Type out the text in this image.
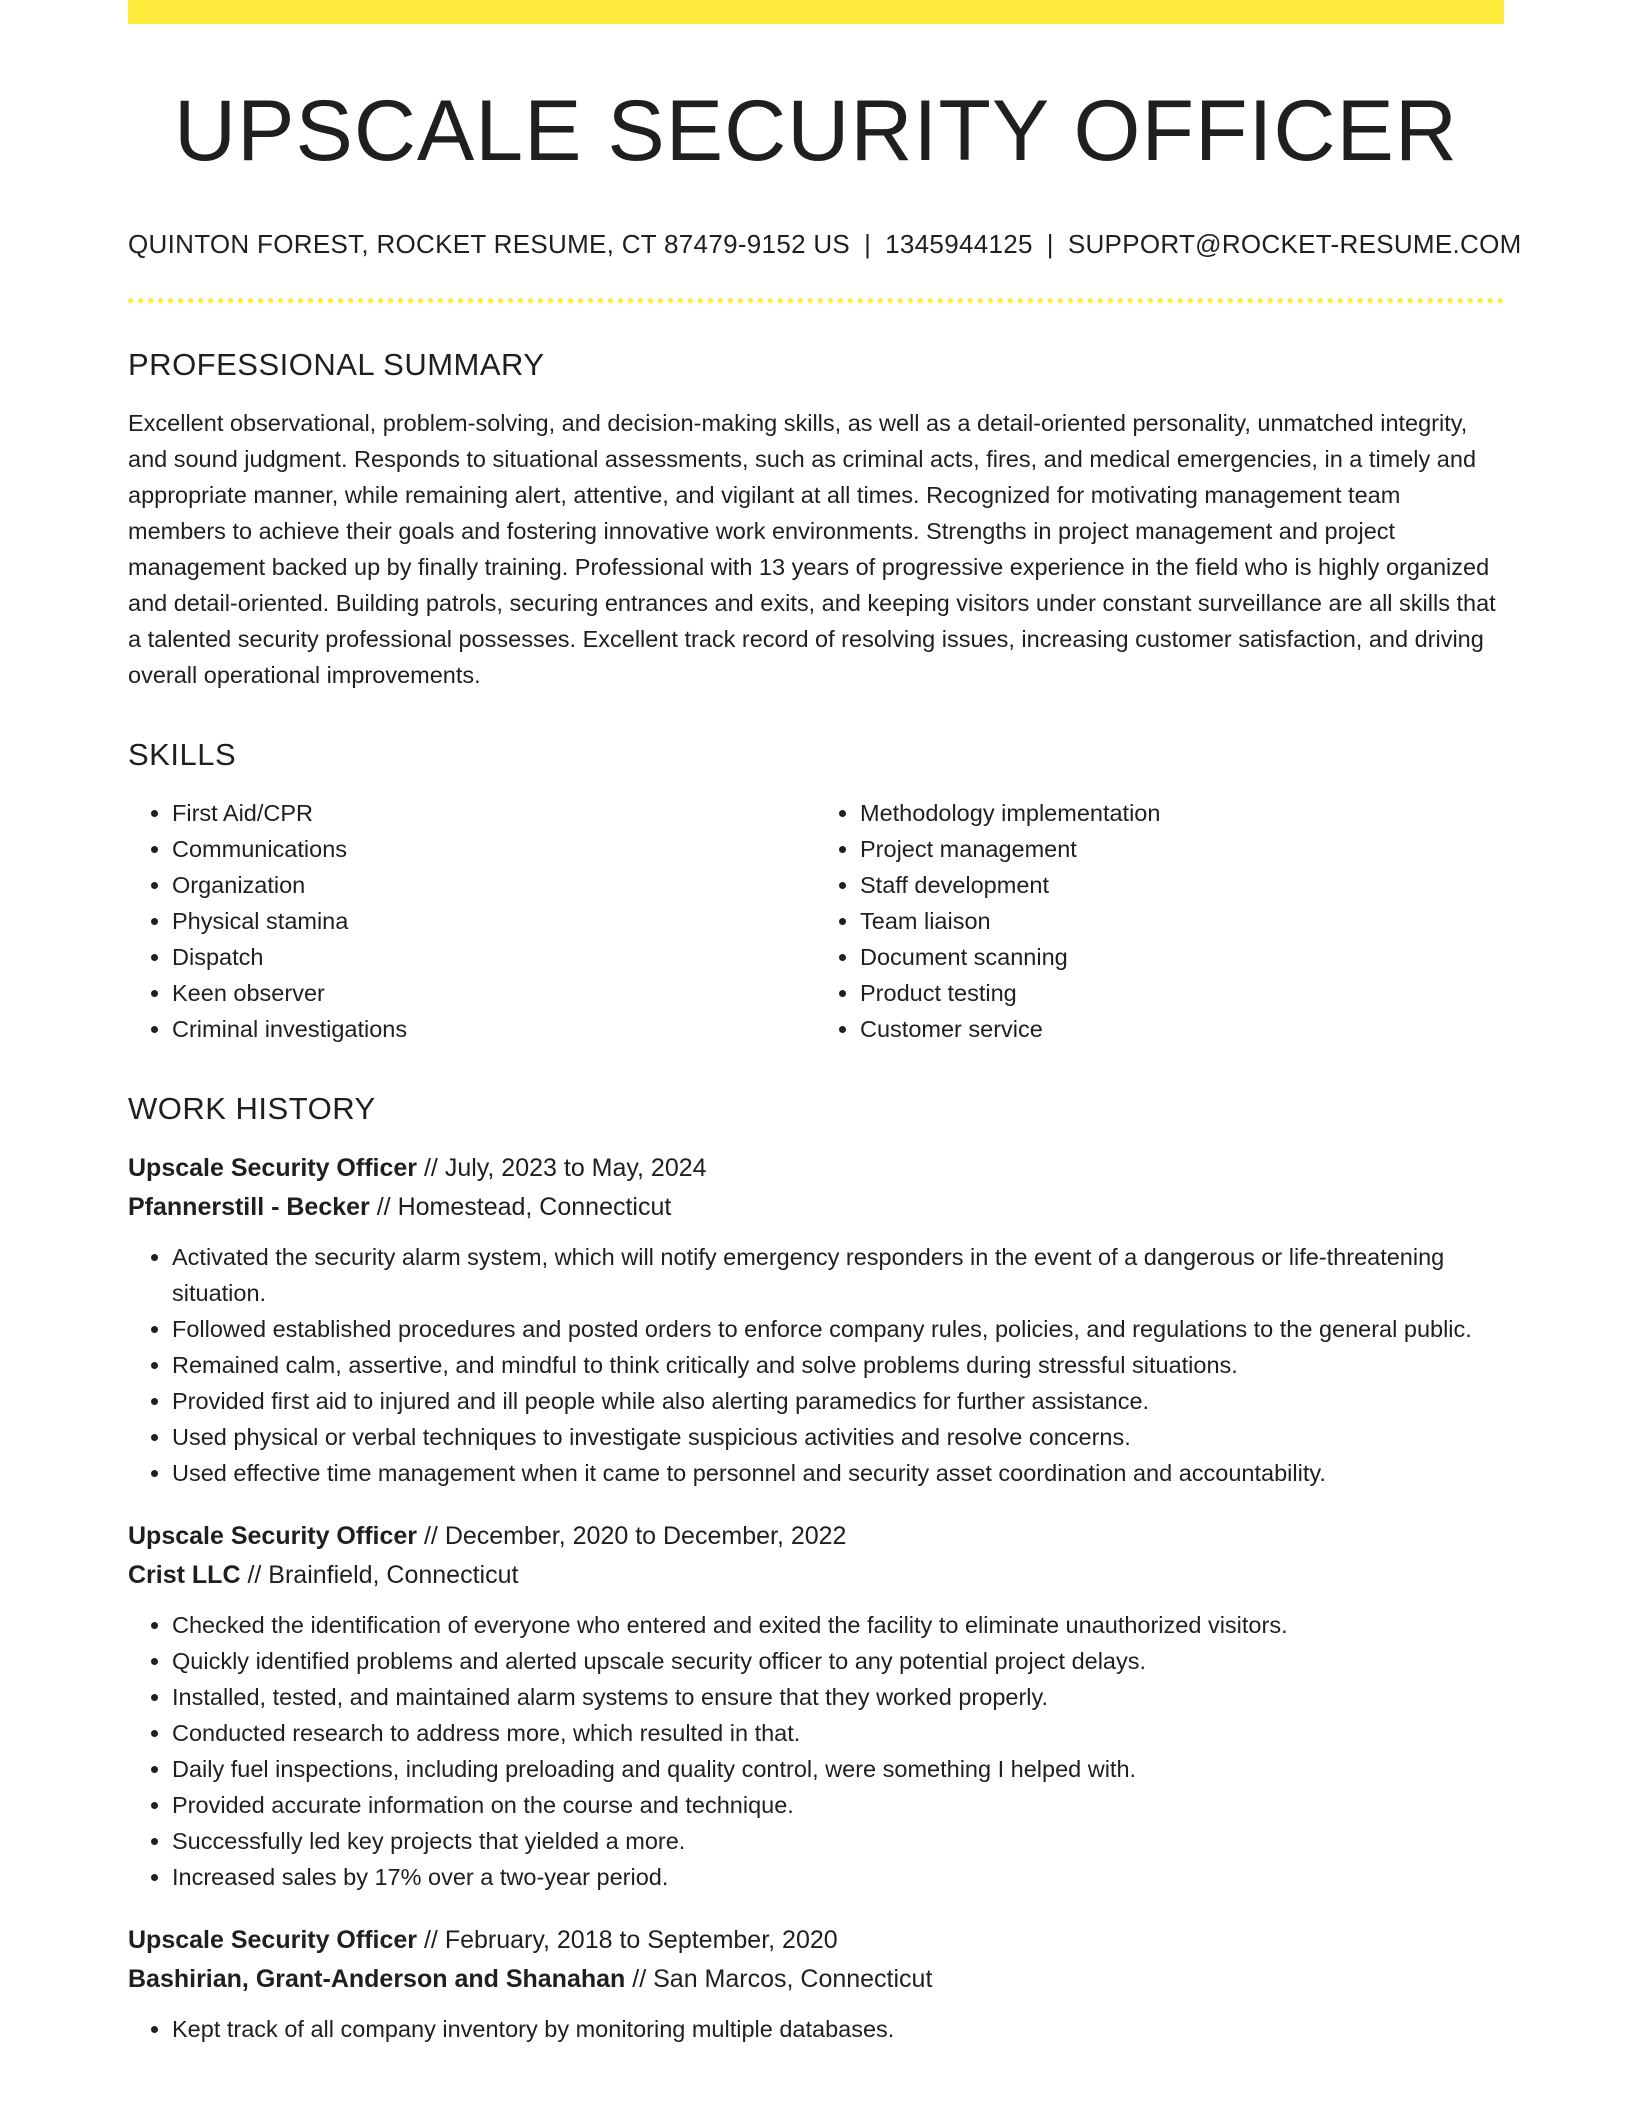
UPSCALE SECURITY OFFICER
QUINTON FOREST, ROCKET RESUME, CT 87479-9152 US | 1345944125 | SUPPORT@ROCKET-RESUME.COM
PROFESSIONAL SUMMARY

Excellent observational, problem-solving, and decision-making skills, as well as a detail-oriented personality, unmatched integrity, and sound judgment. Responds to situational assessments, such as criminal acts, fires, and medical emergencies, in a timely and appropriate manner, while remaining alert, attentive, and vigilant at all times. Recognized for motivating management team members to achieve their goals and fostering innovative work environments. Strengths in project management and project management backed up by finally training. Professional with 13 years of progressive experience in the field who is highly organized and detail-oriented. Building patrols, securing entrances and exits, and keeping visitors under constant surveillance are all skills that a talented security professional possesses. Excellent track record of resolving issues, increasing customer satisfaction, and driving overall operational improvements.

SKILLS
• First Aid/CPR
• Communications
• Organization
• Physical stamina
• Dispatch
• Keen observer
• Criminal investigations
• Methodology implementation
• Project management
• Staff development
• Team liaison
• Document scanning
• Product testing
• Customer service
WORK HISTORY

Upscale Security Officer // July, 2023 to May, 2024

Pfannerstill - Becker // Homestead, Connecticut

• Activated the security alarm system, which will notify emergency responders in the event of a dangerous or life-threatening situation.
• Followed established procedures and posted orders to enforce company rules, policies, and regulations to the general public.
• Remained calm, assertive, and mindful to think critically and solve problems during stressful situations.
• Provided first aid to injured and ill people while also alerting paramedics for further assistance.
• Used physical or verbal techniques to investigate suspicious activities and resolve concerns.
• Used effective time management when it came to personnel and security asset coordination and accountability.

Upscale Security Officer // December, 2020 to December, 2022

Crist LLC // Brainfield, Connecticut

• Checked the identification of everyone who entered and exited the facility to eliminate unauthorized visitors.
• Quickly identified problems and alerted upscale security officer to any potential project delays.
• Installed, tested, and maintained alarm systems to ensure that they worked properly.
• Conducted research to address more, which resulted in that.
• Daily fuel inspections, including preloading and quality control, were something I helped with.
• Provided accurate information on the course and technique.
• Successfully led key projects that yielded a more.
• Increased sales by 17% over a two-year period.

Upscale Security Officer // February, 2018 to September, 2020

Bashirian, Grant-Anderson and Shanahan // San Marcos, Connecticut

• Kept track of all company inventory by monitoring multiple databases.
